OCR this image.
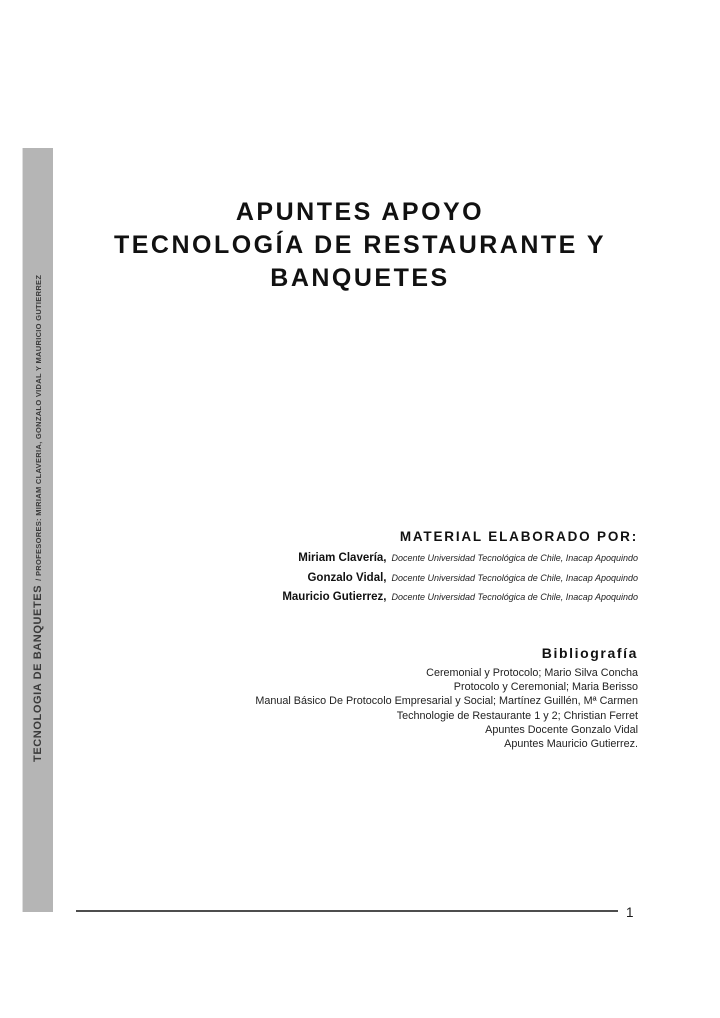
TECNOLOGIA DE BANQUETES/ PROFESORES: MIRIAM CLAVERIA, GONZALO VIDAL Y MAURICIO GUTIERREZ
APUNTES APOYO
TECNOLOGÍA DE RESTAURANTE Y
BANQUETES
MATERIAL ELABORADO POR:
Miriam Clavería, Docente Universidad Tecnológica de Chile, Inacap Apoquindo
Gonzalo Vidal, Docente Universidad Tecnológica de Chile, Inacap Apoquindo
Mauricio Gutierrez, Docente Universidad Tecnológica de Chile, Inacap Apoquindo
Bibliografía
Ceremonial y Protocolo; Mario Silva Concha
Protocolo y Ceremonial; Maria Berisso
Manual Básico De Protocolo Empresarial y Social; Martínez Guillén, Mª Carmen
Technologie de Restaurante 1 y 2; Christian Ferret
Apuntes Docente Gonzalo Vidal
Apuntes Mauricio Gutierrez.
1
